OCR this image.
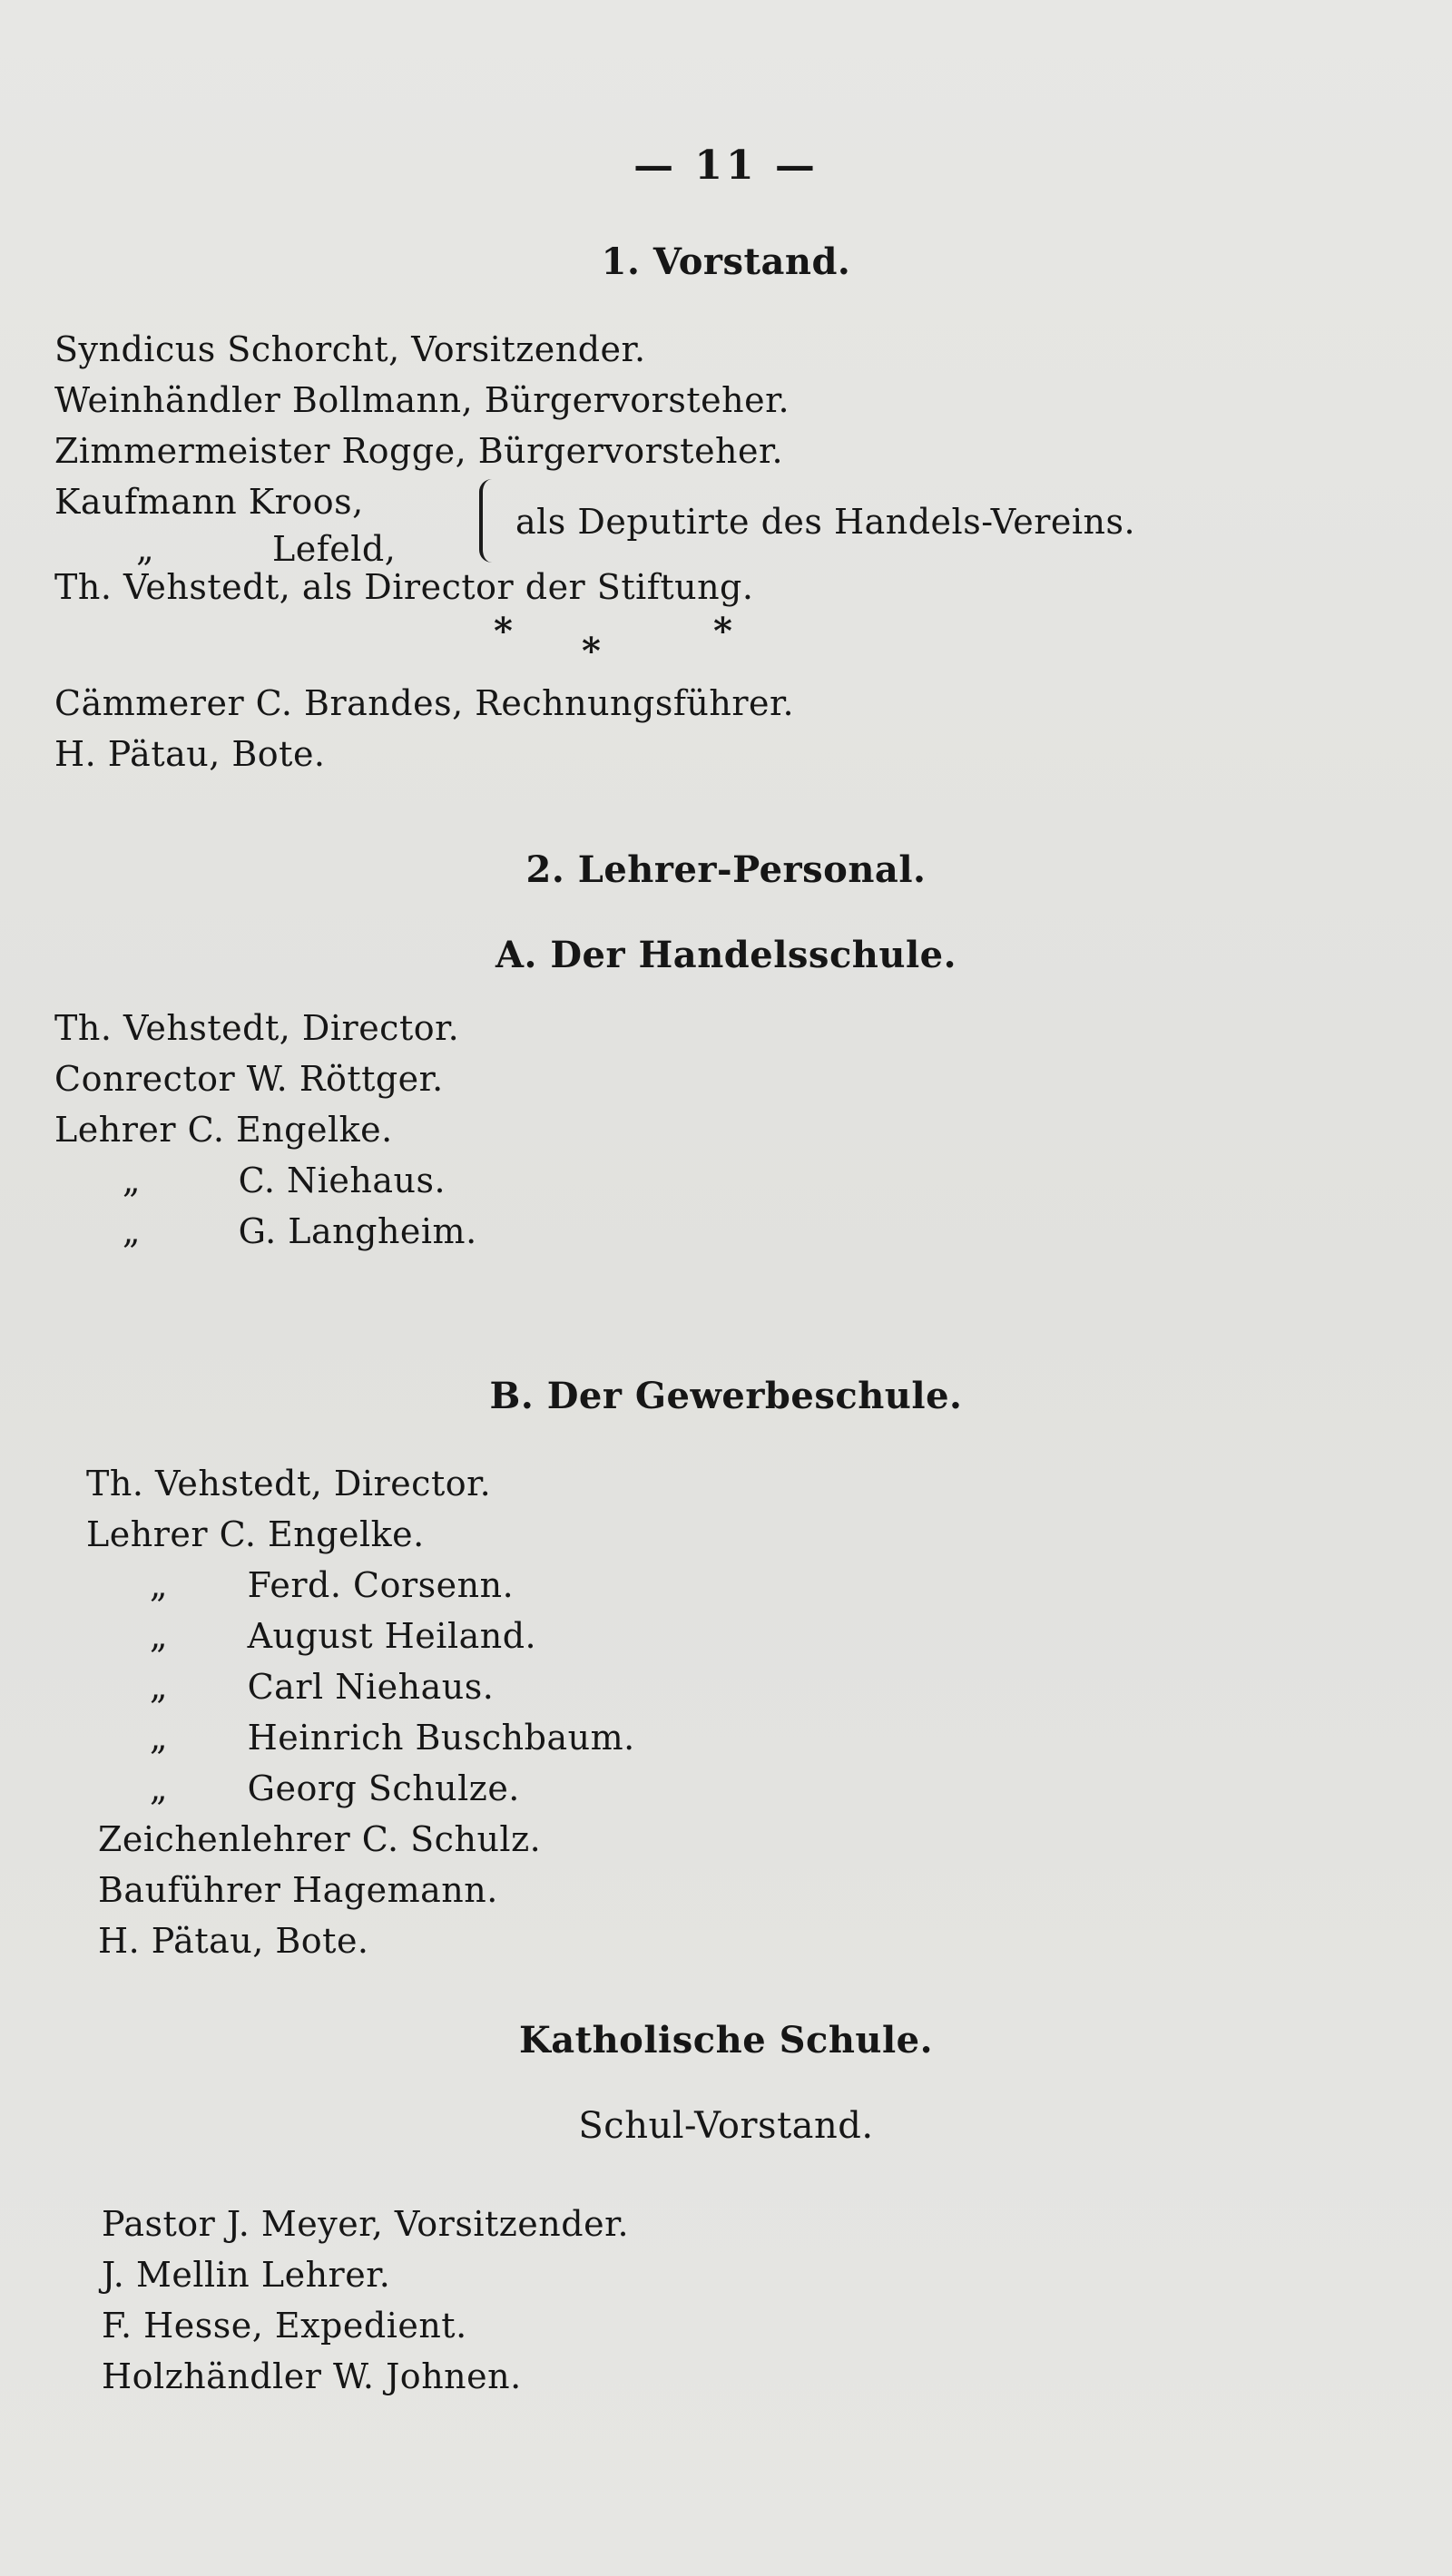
— 11 —
1. Vorstand.
Syndicus Schorcht, Vorsitzender.
Weinhändler Bollmann, Bürgervorsteher.
Zimmermeister Rogge, Bürgervorsteher.
Kaufmann Kroos,
„	Lefeld,
als Deputirte des Handels-Vereins.
Th. Vehstedt, als Director der Stiftung.
* *	*
Cämmerer C. Brandes, Rechnungsführer.
H. Pätau, Bote.
2. Lehrer-Personal.
A. Der Handelsschule.
Th. Vehstedt, Director.
Conrector W. Röttger.
Lehrer C. Engelke.
„	C. Niehaus.
„	G. Langheim.
B. Der Gewerbeschule.
Th. Vehstedt, Director.
Lehrer C. Engelke.
„ Ferd. Corsenn.
„ August Heiland.
„ Carl Niehaus.
„ Heinrich Buschbaum.
„ Georg Schulze.
Zeichenlehrer C. Schulz.
Bauführer Hagemann.
H. Pätau, Bote.
Katholische Schule.
Schul-Vorstand.
Pastor J. Meyer, Vorsitzender.
J. Mellin Lehrer.
F. Hesse, Expedient.
Holzhändler W. Johnen.
